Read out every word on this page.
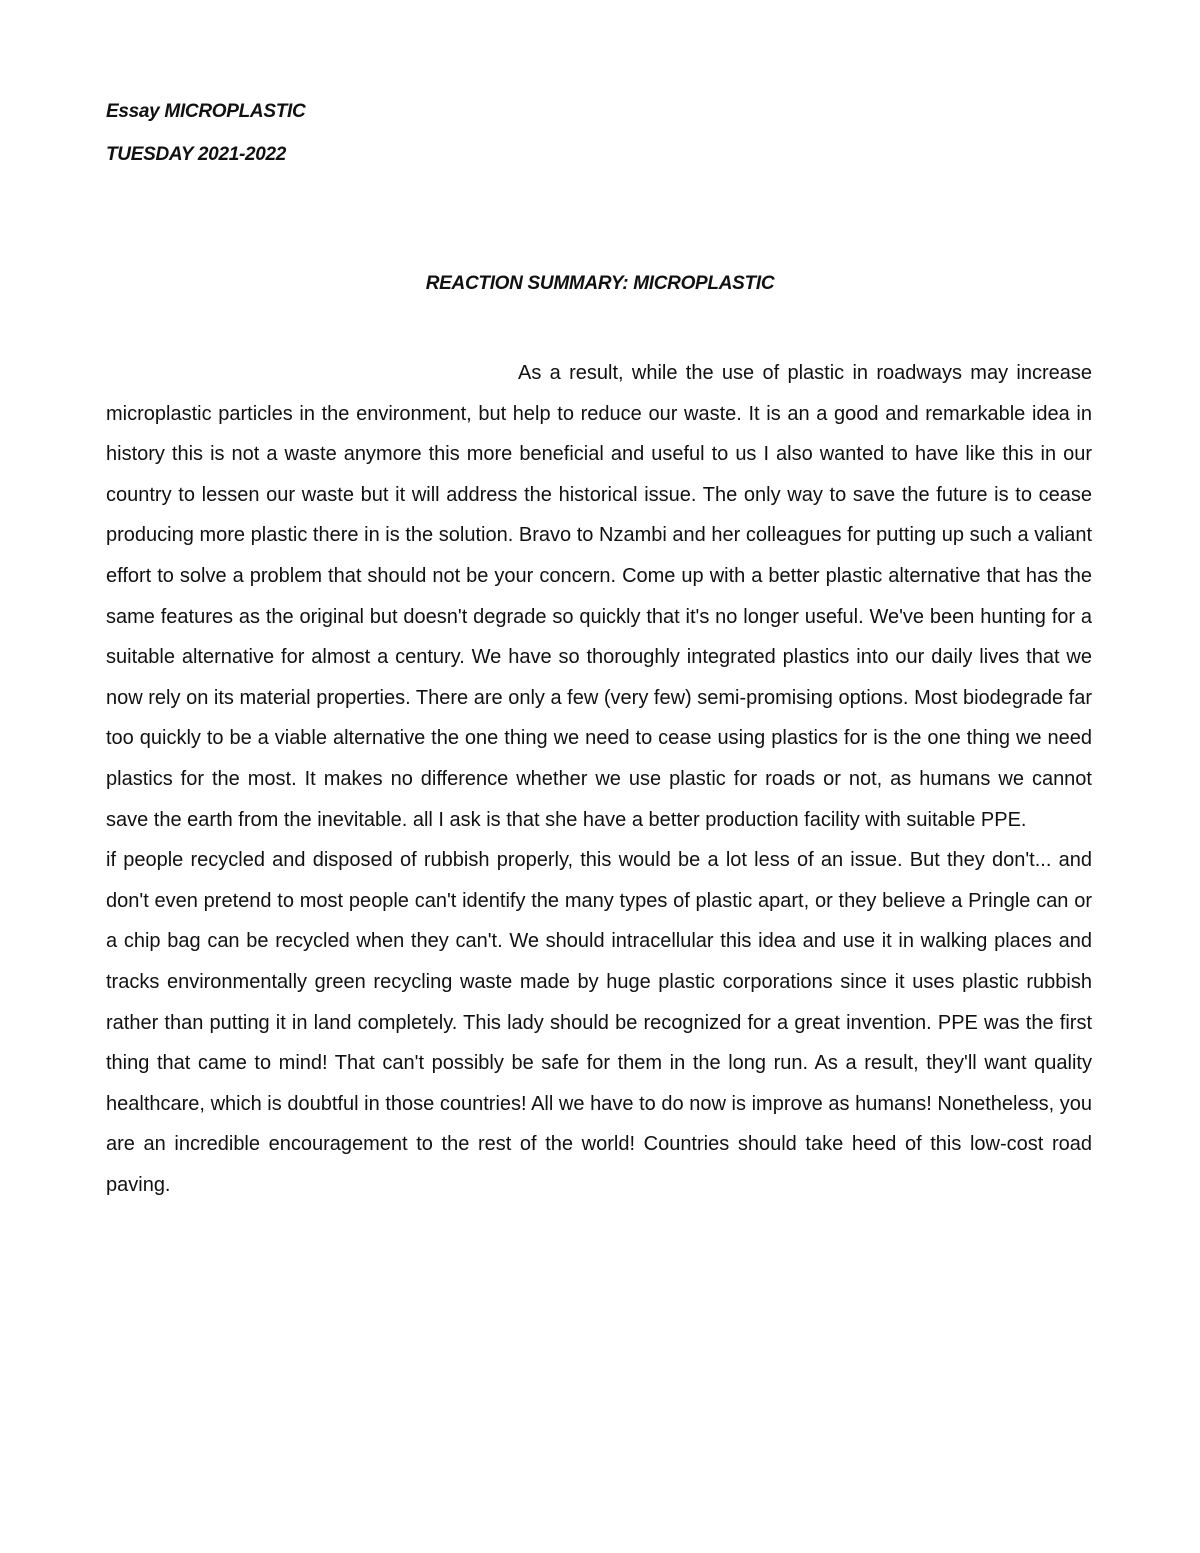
Essay MICROPLASTIC

TUESDAY 2021-2022

REACTION SUMMARY: MICROPLASTIC

As a result, while the use of plastic in roadways may increase microplastic particles in the environment, but help to reduce our waste. It is an a good and remarkable idea in history this is not a waste anymore this more beneficial and useful to us I also wanted to have like this in our country to lessen our waste but it will address the historical issue. The only way to save the future is to cease producing more plastic there in is the solution. Bravo to Nzambi and her colleagues for putting up such a valiant effort to solve a problem that should not be your concern. Come up with a better plastic alternative that has the same features as the original but doesn't degrade so quickly that it's no longer useful. We've been hunting for a suitable alternative for almost a century. We have so thoroughly integrated plastics into our daily lives that we now rely on its material properties. There are only a few (very few) semi-promising options. Most biodegrade far too quickly to be a viable alternative the one thing we need to cease using plastics for is the one thing we need plastics for the most. It makes no difference whether we use plastic for roads or not, as humans we cannot save the earth from the inevitable. all I ask is that she have a better production facility with suitable PPE.

if people recycled and disposed of rubbish properly, this would be a lot less of an issue. But they don't... and don't even pretend to most people can't identify the many types of plastic apart, or they believe a Pringle can or a chip bag can be recycled when they can't. We should intracellular this idea and use it in walking places and tracks environmentally green recycling waste made by huge plastic corporations since it uses plastic rubbish rather than putting it in land completely. This lady should be recognized for a great invention. PPE was the first thing that came to mind! That can't possibly be safe for them in the long run. As a result, they'll want quality healthcare, which is doubtful in those countries! All we have to do now is improve as humans! Nonetheless, you are an incredible encouragement to the rest of the world! Countries should take heed of this low-cost road paving.
